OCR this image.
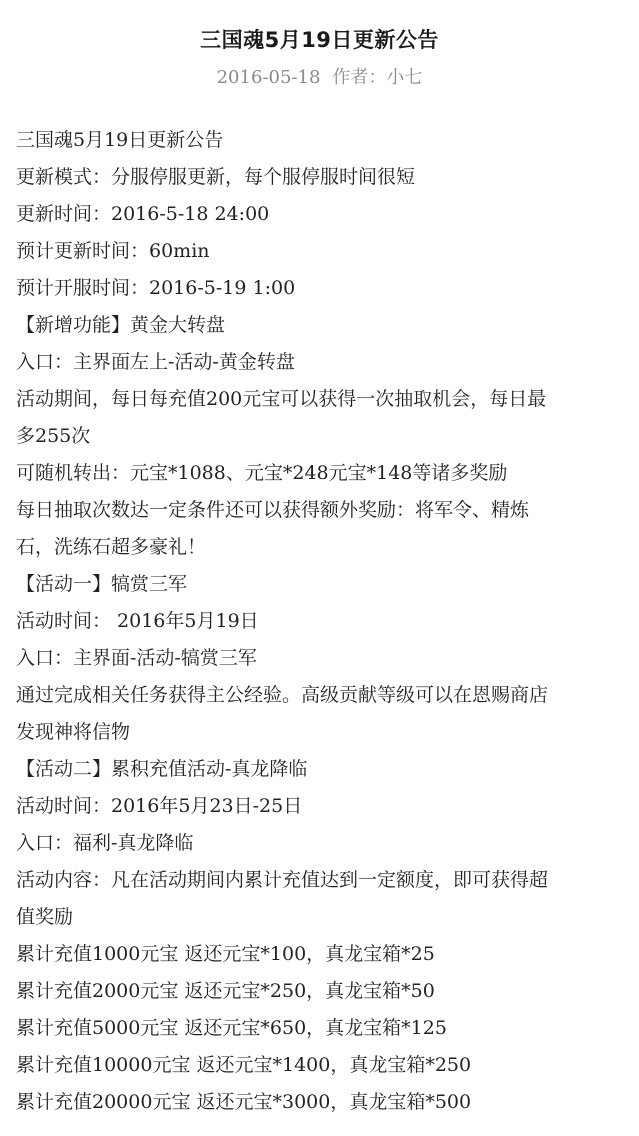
三国魂5月19日更新公告
2016-05-18 作者：小七

三国魂5月19日更新公告

更新模式：分服停服更新，每个服停服时间很短

更新时间：2016-5-18 24:00

预计更新时间：60min

预计开服时间：2016-5-19 1:00

【新增功能】黄金大转盘

入口：主界面左上-活动-黄金转盘

活动期间，每日每充值200元宝可以获得一次抽取机会，每日最

多255次

可随机转出：元宝*1088、元宝*248元宝*148等诸多奖励

每日抽取次数达一定条件还可以获得额外奖励：将军令、精炼

石，洗练石超多豪礼！

【活动一】犒赏三军

活动时间： 2016年5月19日

入口：主界面-活动-犒赏三军

通过完成相关任务获得主公经验。高级贡献等级可以在恩赐商店

发现神将信物

【活动二】累积充值活动-真龙降临

活动时间：2016年5月23日-25日

入口：福利-真龙降临

活动内容：凡在活动期间内累计充值达到一定额度，即可获得超

值奖励

累计充值1000元宝 返还元宝*100，真龙宝箱*25

累计充值2000元宝 返还元宝*250，真龙宝箱*50

累计充值5000元宝 返还元宝*650，真龙宝箱*125

累计充值10000元宝 返还元宝*1400，真龙宝箱*250

累计充值20000元宝 返还元宝*3000，真龙宝箱*500
